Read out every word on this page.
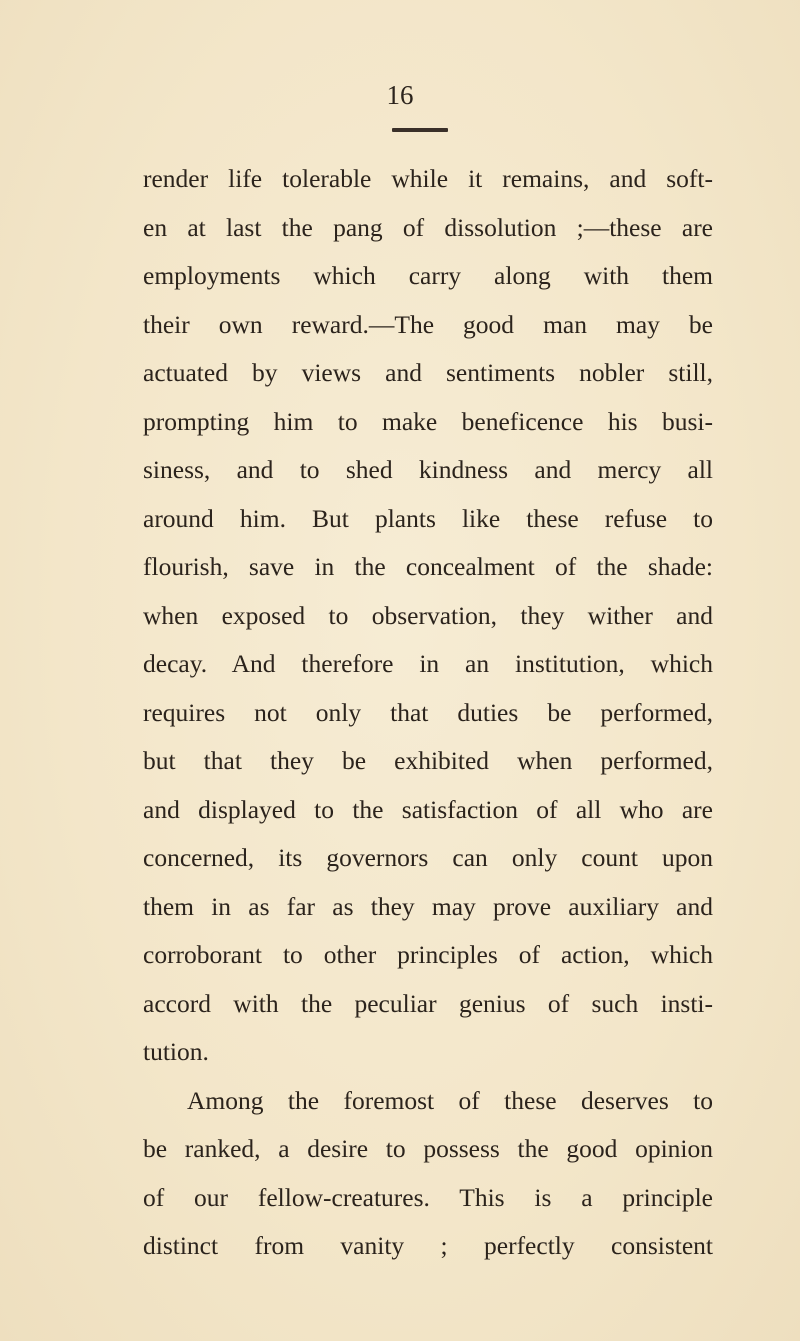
16
render life tolerable while it remains, and soft-
en at last the pang of dissolution ;—these are
employments which carry along with them
their own reward.—The good man may be
actuated by views and sentiments nobler still,
prompting him to make beneficence his busi-
siness, and to shed kindness and mercy all
around him. But plants like these refuse to
flourish, save in the concealment of the shade:
when exposed to observation, they wither and
decay. And therefore in an institution, which
requires not only that duties be performed,
but that they be exhibited when performed,
and displayed to the satisfaction of all who are
concerned, its governors can only count upon
them in as far as they may prove auxiliary and
corroborant to other principles of action, which
accord with the peculiar genius of such insti-
tution.
Among the foremost of these deserves to
be ranked, a desire to possess the good opinion
of our fellow-creatures. This is a principle
distinct from vanity ; perfectly consistent
